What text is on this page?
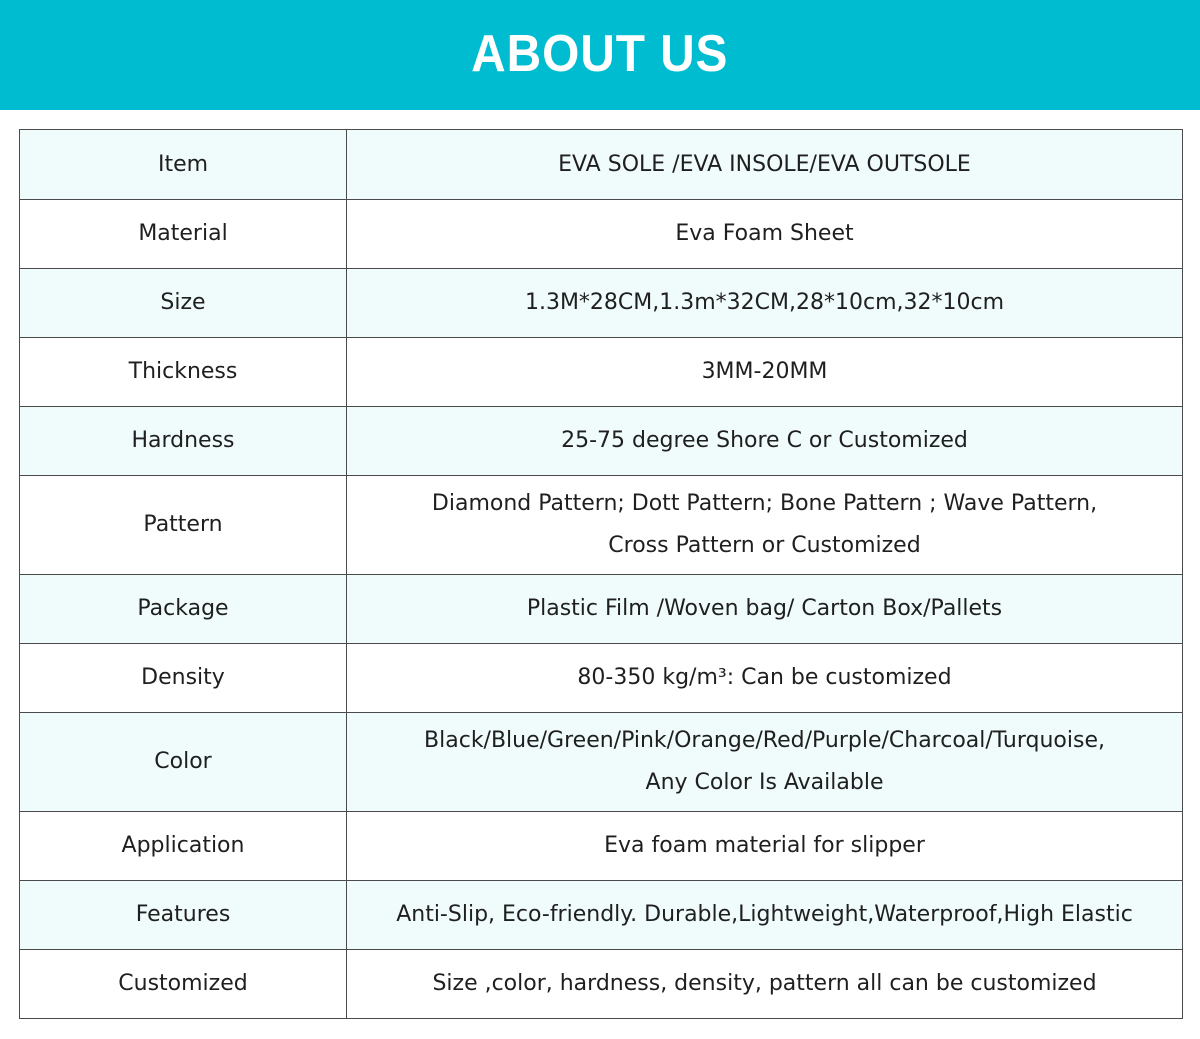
ABOUT US
Item	EVA SOLE /EVA INSOLE/EVA OUTSOLE

Material	Eva Foam Sheet

Size	1.3M*28CM,1.3m*32CM,28*10cm,32*10cm

Thickness	3MM-20MM

Hardness	25-75 degree Shore C or Customized

Pattern	Diamond Pattern; Dott Pattern; Bone Pattern ; Wave Pattern,
Cross Pattern or Customized

Package	Plastic Film /Woven bag/ Carton Box/Pallets

Density	80-350 kg/m³: Can be customized

Color	Black/Blue/Green/Pink/Orange/Red/Purple/Charcoal/Turquoise,
Any Color Is Available

Application	Eva foam material for slipper

Features	Anti-Slip, Eco-friendly. Durable,Lightweight,Waterproof,High Elastic

Customized	Size ,color, hardness, density, pattern all can be customized
